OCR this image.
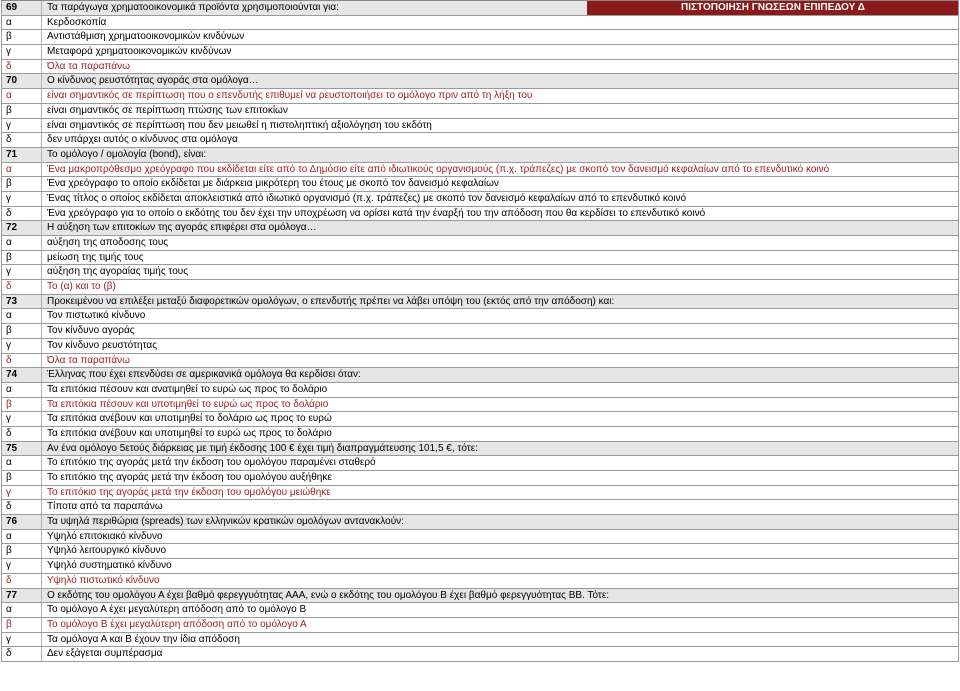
69	Τα παράγωγα χρηματοοικονομικά προϊόντα χρησιμοποιούνται για:	ΠΙΣΤΟΠΟΙΗΣΗ ΓΝΩΣΕΩΝ ΕΠΙΠΕΔΟΥ Δ
α	Κερδοσκοπία
β	Αντιστάθμιση χρηματοοικονομικών κινδύνων
γ	Μεταφορά χρηματοοικονομικών κινδύνων
δ	Όλα τα παραπάνω
70	Ο κίνδυνος ρευστότητας αγοράς στα ομόλογα…
α	είναι σημαντικός σε περίπτωση που ο επενδυτής επιθυμεί να ρευστοποιήσει το ομόλογο πριν από τη λήξη του
β	είναι σημαντικός σε περίπτωση πτώσης των επιτοκίων
γ	είναι σημαντικός σε περίπτωση που δεν μειωθεί η πιστοληπτική αξιολόγηση του εκδότη
δ	δεν υπάρχει αυτός ο κίνδυνος στα ομόλογα
71	Το ομόλογο / ομολογία (bond), είναι:
α	Ένα μακροπρόθεσμο χρεόγραφο που εκδίδεται είτε από το Δημόσιο είτε από ιδιωτικούς οργανισμούς (π.χ. τράπεζες) με σκοπό τον δανεισμό κεφαλαίων από το επενδυτικό κοινό
β	Ένα χρεόγραφο το οποίο εκδίδεται με διάρκεια μικρότερη του έτους με σκοπό τον δανεισμό κεφαλαίων
γ	Ένας τίτλος ο οποίος εκδίδεται αποκλειστικά από ιδιωτικό οργανισμό (π.χ. τράπεζες) με σκοπό τον δανεισμό κεφαλαίων από το επενδυτικό κοινό
δ	Ένα χρεόγραφο για το οποίο ο εκδότης του δεν έχει την υποχρέωση να ορίσει κατά την έναρξή του την απόδοση που θα κερδίσει το επενδυτικό κοινό
72	Η αύξηση των επιτοκίων της αγοράς επιφέρει στα ομόλογα…
α	αύξηση της αποδοσης τους
β	μείωση της τιμής τους
γ	αύξηση της αγοραίας τιμής τους
δ	Το (α) και το (β)
73	Προκειμένου να επιλέξει μεταξύ διαφορετικών ομολόγων, ο επενδυτής πρέπει να λάβει υπόψη του (εκτός από την απόδοση) και:
α	Τον πιστωτικό κίνδυνο
β	Τον κίνδυνο αγοράς
γ	Τον κίνδυνο ρευστότητας
δ	Όλα τα παραπάνω
74	Έλληνας που έχει επενδύσει σε αμερικανικά ομόλογα θα κερδίσει όταν:
α	Τα επιτόκια πέσουν και ανατιμηθεί το ευρώ ως προς το δολάριο
β	Τα επιτόκια πέσουν και υποτιμηθεί το ευρώ ως προς το δολάριο
γ	Τα επιτόκια ανέβουν και υποτιμηθεί το δολάριο ως προς το ευρώ
δ	Τα επιτόκια ανέβουν και υποτιμηθεί το ευρώ ως προς το δολάριο
75	Αν ένα ομόλογο 5ετούς διάρκειας με τιμή έκδοσης 100 € έχει τιμή διαπραγμάτευσης 101,5 €, τότε:
α	Το επιτόκιο της αγοράς μετά την έκδοση του ομολόγου παραμένει σταθερό
β	Το επιτόκιο της αγοράς μετά την έκδοση του ομολόγου αυξήθηκε
γ	Το επιτόκιο της αγοράς μετά την έκδοση του ομολόγου μειώθηκε
δ	Τίποτα από τα παραπάνω
76	Τα υψηλά περιθώρια (spreads) των ελληνικών κρατικών ομολόγων αντανακλούν:
α	Υψηλό επιτοκιακό κίνδυνο
β	Υψηλό λειτουργικό κίνδυνο
γ	Υψηλό συστηματικό κίνδυνο
δ	Υψηλό πιστωτικό κίνδυνο
77	Ο εκδότης του ομολόγου Α έχει βαθμό φερεγγυότητας ΑΑΑ, ενώ ο εκδότης του ομολόγου Β έχει βαθμό φερεγγυότητας ΒΒ. Τότε:
α	Το ομόλογο Α έχει μεγαλύτερη απόδοση από το ομόλογο Β
β	Το ομόλογο Β έχει μεγαλύτερη απόδοση από το ομόλογο Α
γ	Τα ομόλογα Α και Β έχουν την ίδια απόδοση
δ	Δεν εξάγεται συμπέρασμα
